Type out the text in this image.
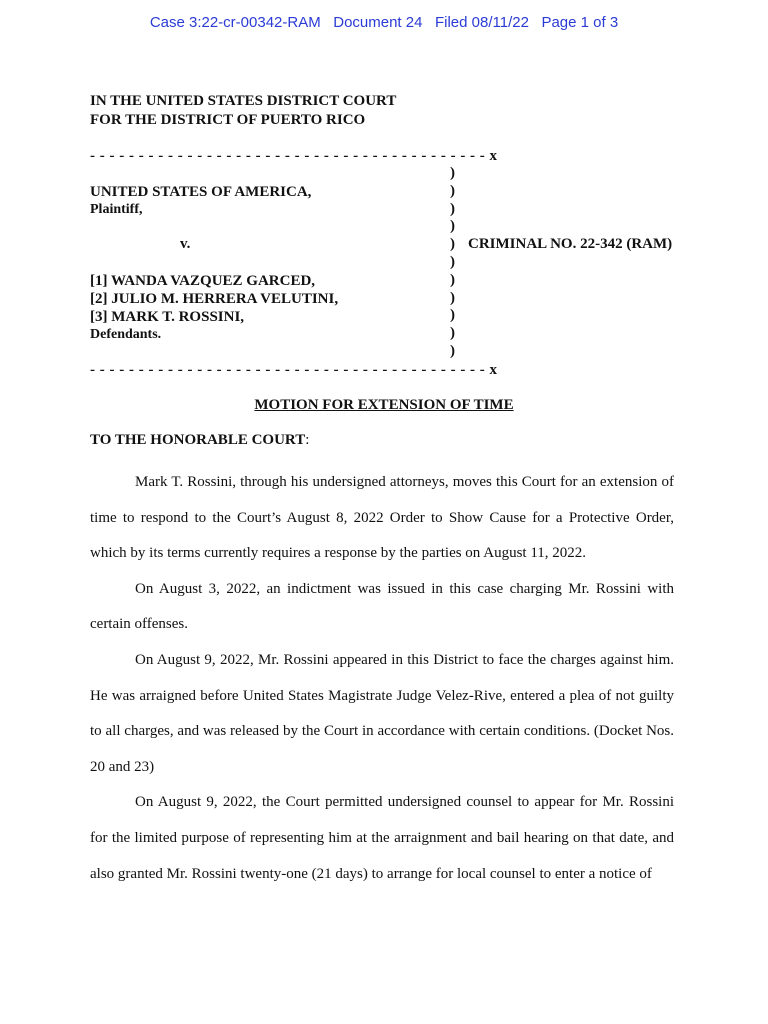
Case 3:22-cr-00342-RAM Document 24 Filed 08/11/22 Page 1 of 3
IN THE UNITED STATES DISTRICT COURT
FOR THE DISTRICT OF PUERTO RICO
- - - - - - - - - - - - - - - - - - - - - - - - - - - - - - - - - - - - - - - - - x
UNITED STATES OF AMERICA,
Plaintiff,
v.	CRIMINAL NO. 22-342 (RAM)
[1] WANDA VAZQUEZ GARCED,
[2] JULIO M. HERRERA VELUTINI,
[3] MARK T. ROSSINI,
Defendants.
)
)
)
)
)
)
)
)
)
)
)
- - - - - - - - - - - - - - - - - - - - - - - - - - - - - - - - - - - - - - - - - x
MOTION FOR EXTENSION OF TIME
TO THE HONORABLE COURT:

Mark T. Rossini, through his undersigned attorneys, moves this Court for an extension of time to respond to the Court’s August 8, 2022 Order to Show Cause for a Protective Order, which by its terms currently requires a response by the parties on August 11, 2022.

On August 3, 2022, an indictment was issued in this case charging Mr. Rossini with certain offenses.

On August 9, 2022, Mr. Rossini appeared in this District to face the charges against him. He was arraigned before United States Magistrate Judge Velez-Rive, entered a plea of not guilty to all charges, and was released by the Court in accordance with certain conditions. (Docket Nos. 20 and 23)

On August 9, 2022, the Court permitted undersigned counsel to appear for Mr. Rossini for the limited purpose of representing him at the arraignment and bail hearing on that date, and also granted Mr. Rossini twenty-one (21 days) to arrange for local counsel to enter a notice of
